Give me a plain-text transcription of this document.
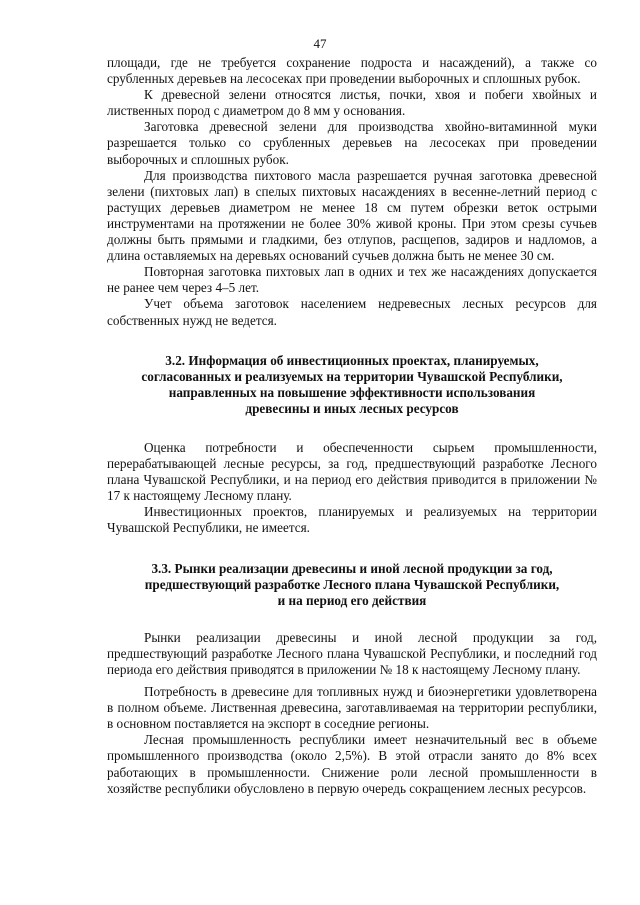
47

площади, где не требуется сохранение подроста и насаждений), а также со срубленных деревьев на лесосеках при проведении выборочных и сплошных рубок.

К древесной зелени относятся листья, почки, хвоя и побеги хвойных и лиственных пород с диаметром до 8 мм у основания.

Заготовка древесной зелени для производства хвойно-витаминной муки разрешается только со срубленных деревьев на лесосеках при проведении выборочных и сплошных рубок.

Для производства пихтового масла разрешается ручная заготовка древесной зелени (пихтовых лап) в спелых пихтовых насаждениях в весенне-летний период с растущих деревьев диаметром не менее 18 см путем обрезки веток острыми инструментами на протяжении не более 30% живой кроны. При этом срезы сучьев должны быть прямыми и гладкими, без отлупов, расщепов, задиров и надломов, а длина оставляемых на деревьях оснований сучьев должна быть не менее 30 см.

Повторная заготовка пихтовых лап в одних и тех же насаждениях допускается не ранее чем через 4–5 лет.

Учет объема заготовок населением недревесных лесных ресурсов для собственных нужд не ведется.

3.2. Информация об инвестиционных проектах, планируемых,
согласованных и реализуемых на территории Чувашской Республики,
направленных на повышение эффективности использования
древесины и иных лесных ресурсов

Оценка потребности и обеспеченности сырьем промышленности, перерабатывающей лесные ресурсы, за год, предшествующий разработке Лесного плана Чувашской Республики, и на период его действия приводится в приложении № 17 к настоящему Лесному плану.

Инвестиционных проектов, планируемых и реализуемых на территории Чувашской Республики, не имеется.

3.3. Рынки реализации древесины и иной лесной продукции за год,
предшествующий разработке Лесного плана Чувашской Республики,
и на период его действия

Рынки реализации древесины и иной лесной продукции за год, предшествующий разработке Лесного плана Чувашской Республики, и последний год периода его действия приводятся в приложении № 18 к настоящему Лесному плану.

Потребность в древесине для топливных нужд и биоэнергетики удовлетворена в полном объеме. Лиственная древесина, заготавливаемая на территории республики, в основном поставляется на экспорт в соседние регионы.

Лесная промышленность республики имеет незначительный вес в объеме промышленного производства (около 2,5%). В этой отрасли занято до 8% всех работающих в промышленности. Снижение роли лесной промышленности в хозяйстве республики обусловлено в первую очередь сокращением лесных ресурсов.
